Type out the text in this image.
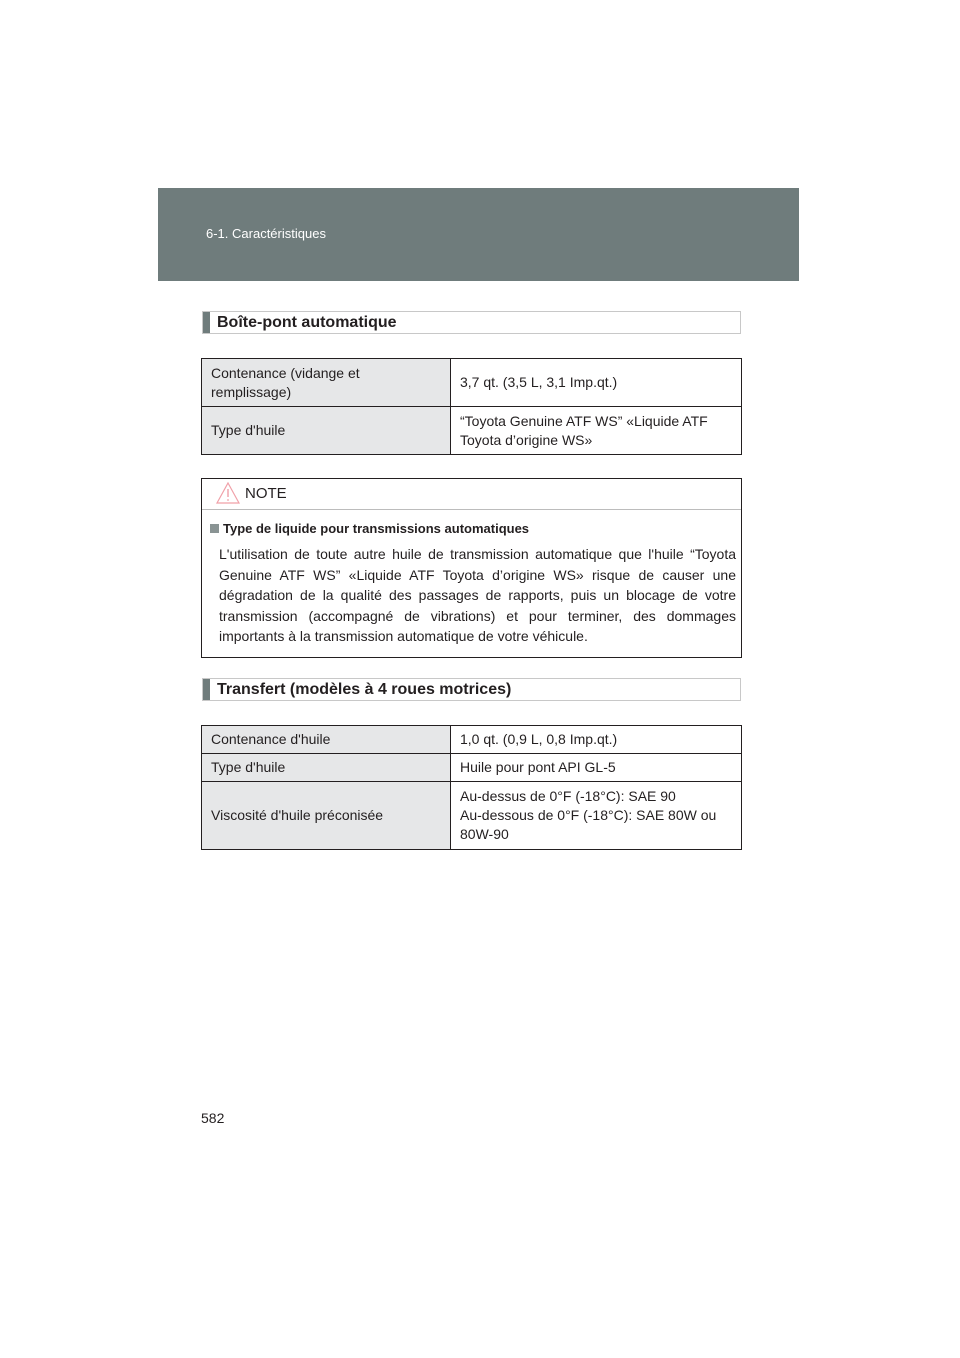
6-1. Caractéristiques
Boîte-pont automatique
Contenance (vidange et remplissage)	3,7 qt. (3,5 L, 3,1 Imp.qt.)
Type d'huile	“Toyota Genuine ATF WS” «Liquide ATF Toyota d’origine WS»
NOTE
Type de liquide pour transmissions automatiques
L'utilisation de toute autre huile de transmission automatique que l'huile “Toyota Genuine ATF WS” «Liquide ATF Toyota d’origine WS» risque de causer une dégradation de la qualité des passages de rapports, puis un blocage de votre transmission (accompagné de vibrations) et pour terminer, des dommages importants à la transmission automatique de votre véhicule.
Transfert (modèles à 4 roues motrices)
Contenance d'huile	1,0 qt. (0,9 L, 0,8 Imp.qt.)
Type d'huile	Huile pour pont API GL-5
Viscosité d'huile préconisée	Au-dessus de 0°F (-18°C): SAE 90
Au-dessous de 0°F (-18°C): SAE 80W ou 80W-90
582
